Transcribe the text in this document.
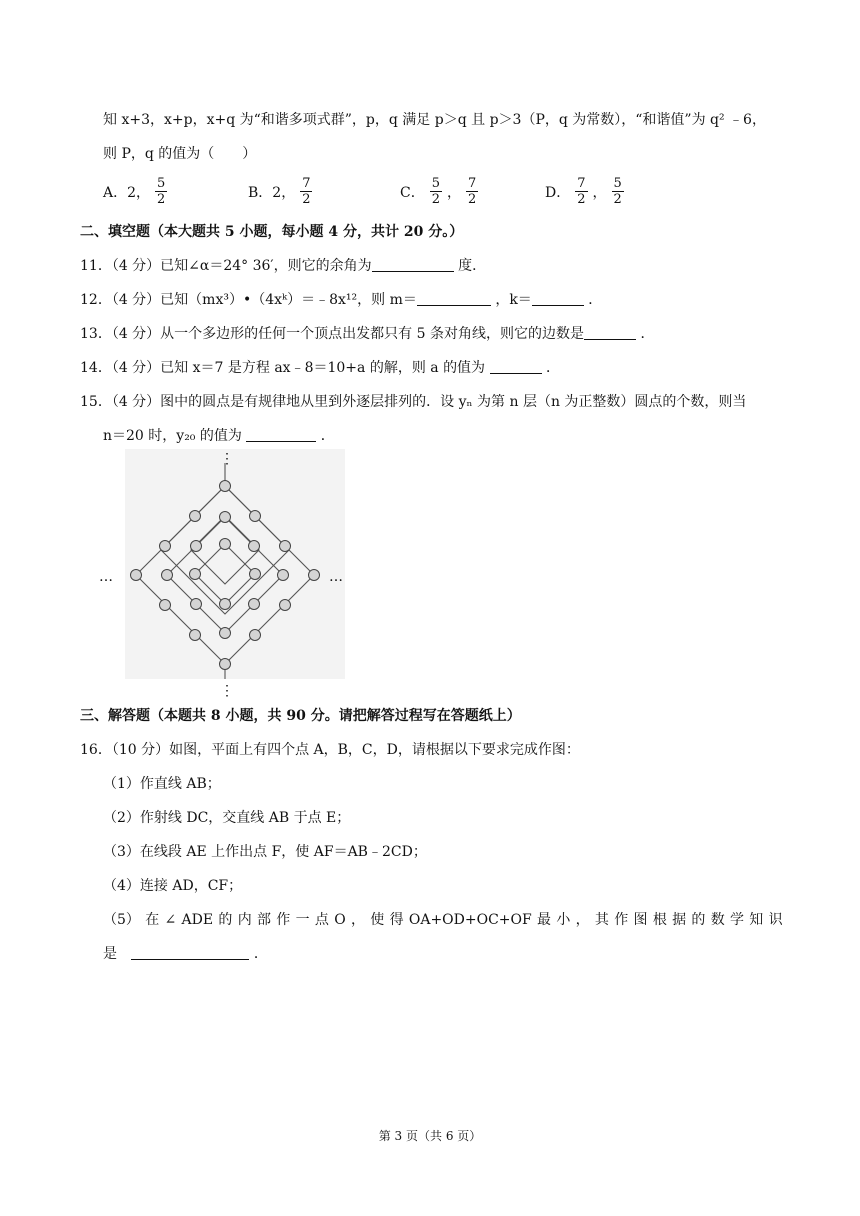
知 x+3，x+p，x+q 为“和谐多项式群”，p，q 满足 p＞q 且 p＞3（P，q 为常数），“和谐值”为 q² ﹣6，
则 P，q 的值为（　　）
A．2， $\frac{5}{2}$	B．2， $\frac{7}{2}$	C． $\frac{5}{2}$ ， $\frac{7}{2}$	D． $\frac{7}{2}$ ， $\frac{5}{2}$
二、填空题（本大题共 5 小题，每小题 4 分，共计 20 分。）
11．（4 分）已知∠α＝24° 36′，则它的余角为	度．
12．（4 分）已知（mx³）•（4xᵏ）＝﹣8x¹²，则 m＝	，k＝	．
13．（4 分）从一个多边形的任何一个顶点出发都只有 5 条对角线，则它的边数是	．
14．（4 分）已知 x＝7 是方程 ax﹣8＝10+a 的解，则 a 的值为	．
15．（4 分）图中的圆点是有规律地从里到外逐层排列的．设 yₙ 为第 n 层（n 为正整数）圆点的个数，则当
n＝20 时，y₂₀ 的值为	．
⋮
⋮
…	…
三、解答题（本题共 8 小题，共 90 分。请把解答过程写在答题纸上）
16．（10 分）如图，平面上有四个点 A，B，C，D，请根据以下要求完成作图：
（1）作直线 AB；
（2）作射线 DC，交直线 AB 于点 E；
（3）在线段 AE 上作出点 F，使 AF＝AB﹣2CD；
（4）连接 AD，CF；
（5） 在 ∠ ADE 的 内 部 作 一 点 O ， 使 得 OA+OD+OC+OF 最 小 ， 其 作 图 根 据 的 数 学 知 识
是	．
第 3 页（共 6 页）
